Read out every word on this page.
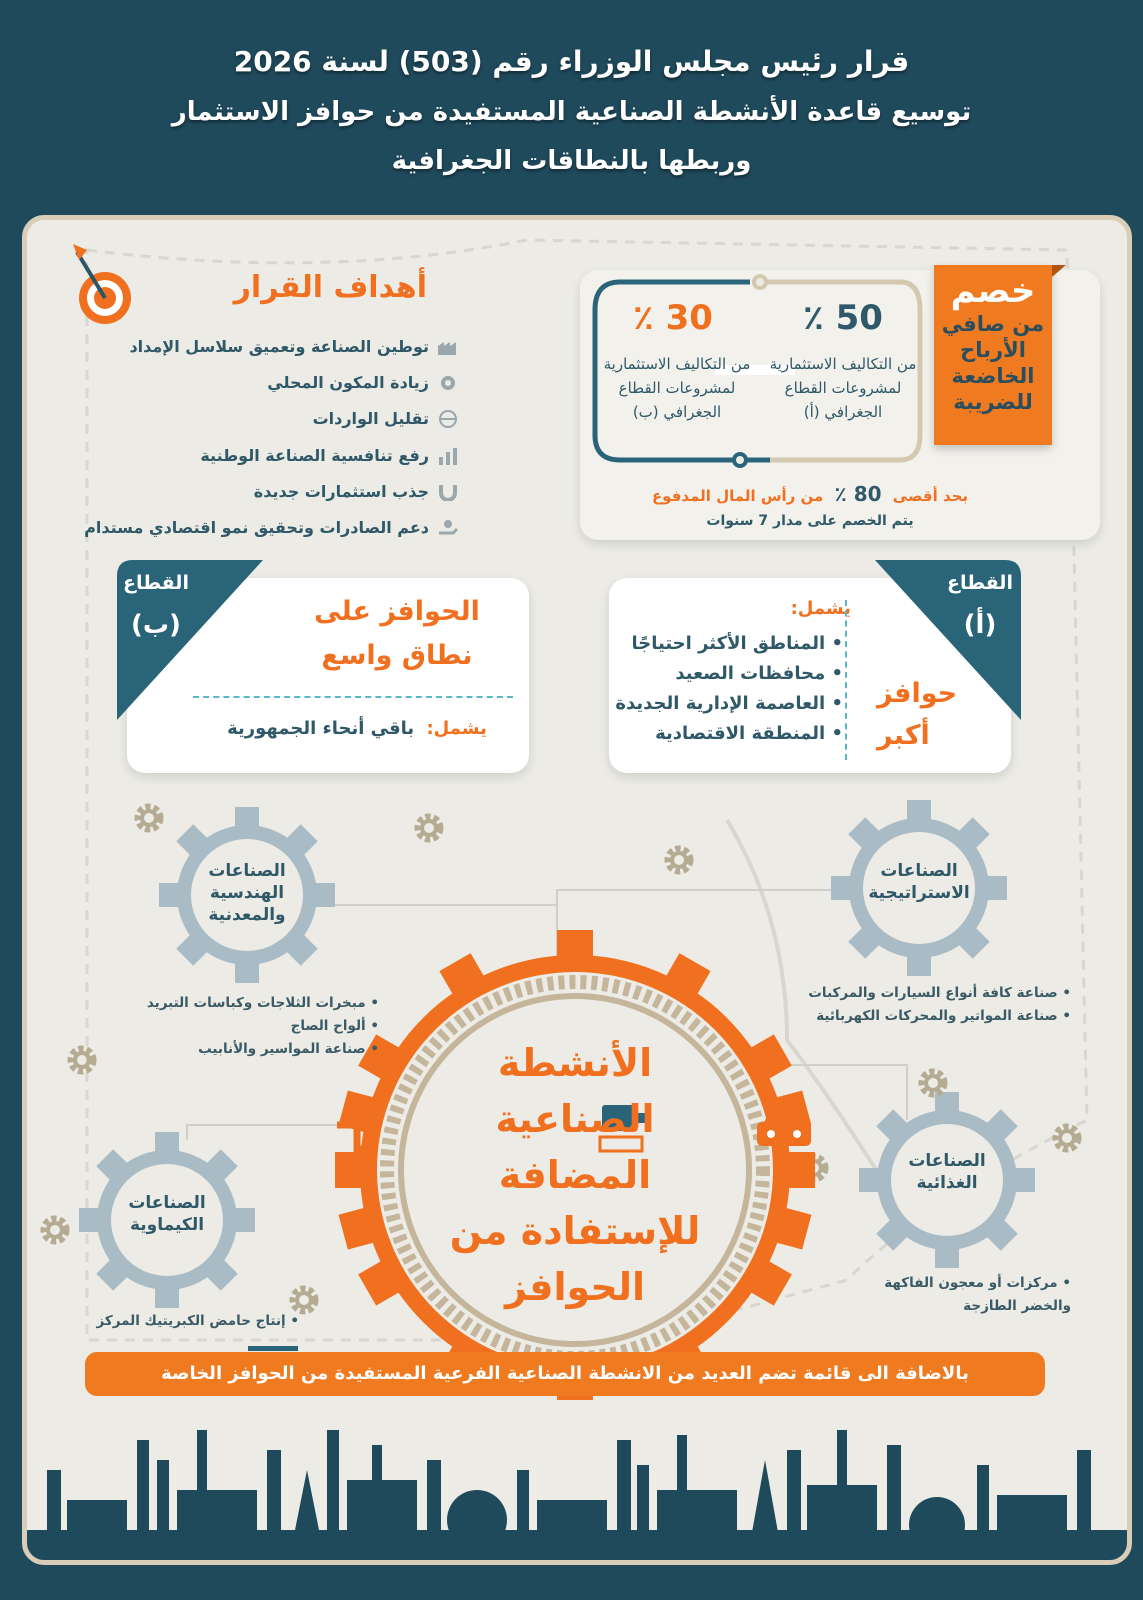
قرار رئيس مجلس الوزراء رقم (503) لسنة 2026
توسيع قاعدة الأنشطة الصناعية المستفيدة من حوافز الاستثمار
وربطها بالنطاقات الجغرافية
أهداف القرار
توطين الصناعة وتعميق سلاسل الإمداد
زيادة المكون المحلي
تقليل الواردات
رفع تنافسية الصناعة الوطنية
جذب استثمارات جديدة
دعم الصادرات وتحقيق نمو اقتصادي مستدام
30 ٪
من التكاليف الاستثمارية لمشروعات القطاع الجغرافي (ب)
50 ٪
من التكاليف الاستثمارية لمشروعات القطاع الجغرافي (أ)
بحد أقصى 80 ٪ من رأس المال المدفوع
يتم الخصم على مدار 7 سنوات
خصم
من صافي الأرباح الخاضعة للضريبة
يشمل:
• المناطق الأكثر احتياجًا
• محافظات الصعيد
• العاصمة الإدارية الجديدة
• المنطقة الاقتصادية
حوافز
أكبر
القطاع
(أ)
الحوافز على
نطاق واسع
يشمل: باقي أنحاء الجمهورية
القطاع
(ب)
الصناعات الاستراتيجية
الصناعات الهندسية والمعدنية
الصناعات الغذائية
الصناعات الكيماوية
الأنشطة الصناعية المضافة للإستفادة من الحوافز
• صناعة كافة أنواع السيارات والمركبات
• صناعة المواتير والمحركات الكهربائية
• مبخرات الثلاجات وكباسات التبريد
• ألواح الصاج
• صناعة المواسير والأنابيب
• مركزات أو معجون الفاكهة والخضر الطازجة
• إنتاج حامض الكبريتيك المركز
بالاضافة الى قائمة تضم العديد من الانشطة الصناعية الفرعية المستفيدة من الحوافز الخاصة
